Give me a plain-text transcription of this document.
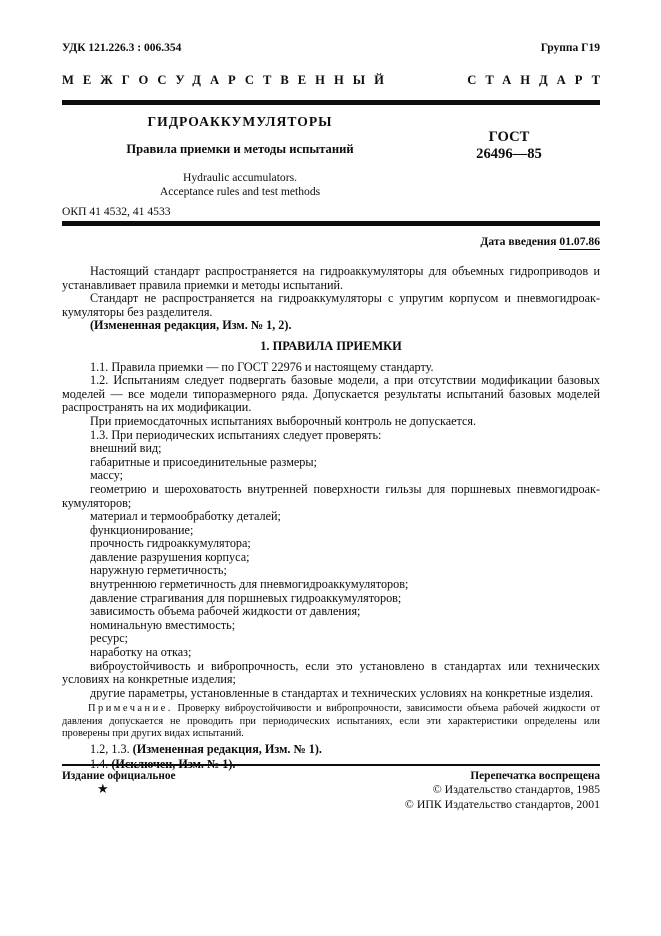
УДК 121.226.3 : 006.354	Группа Г19
МЕЖГОСУДАРСТВЕННЫЙ	СТАНДАРТ
ГИДРОАККУМУЛЯТОРЫ
Правила приемки и методы испытаний
Hydraulic accumulators.
Acceptance rules and test methods
ГОСТ
26496—85
ОКП 41 4532, 41 4533
Дата введения 01.07.86

Настоящий стандарт распространяется на гидроаккумуляторы для объемных гидроприводов и устанавливает правила приемки и методы испытаний.

Стандарт не распространяется на гидроаккумуляторы с упругим корпусом и пневмогидроаккумуляторы без разделителя.

(Измененная редакция, Изм. № 1, 2).

1. ПРАВИЛА ПРИЕМКИ

1.1. Правила приемки — по ГОСТ 22976 и настоящему стандарту.

1.2. Испытаниям следует подвергать базовые модели, а при отсутствии модификации базовых моделей — все модели типоразмерного ряда. Допускается результаты испытаний базовых моделей распространять на их модификации.

При приемосдаточных испытаниях выборочный контроль не допускается.

1.3. При периодических испытаниях следует проверять:

внешний вид;

габаритные и присоединительные размеры;

массу;

геометрию и шероховатость внутренней поверхности гильзы для поршневых пневмогидроаккумуляторов;

материал и термообработку деталей;

функционирование;

прочность гидроаккумулятора;

давление разрушения корпуса;

наружную герметичность;

внутреннюю герметичность для пневмогидроаккумуляторов;

давление страгивания для поршневых гидроаккумуляторов;

зависимость объема рабочей жидкости от давления;

номинальную вместимость;

ресурс;

наработку на отказ;

виброустойчивость и вибропрочность, если это установлено в стандартах или технических условиях на конкретные изделия;

другие параметры, установленные в стандартах и технических условиях на конкретные изделия.

Примечание. Проверку виброустойчивости и вибропрочности, зависимости объема рабочей жидкости от давления допускается не проводить при периодических испытаниях, если эти характеристики определены или проверены при других видах испытаний.

1.2, 1.3. (Измененная редакция, Изм. № 1).

Издание официальное	Перепечатка воспрещена
★	© Издательство стандартов, 1985
© ИПК Издательство стандартов, 2001
